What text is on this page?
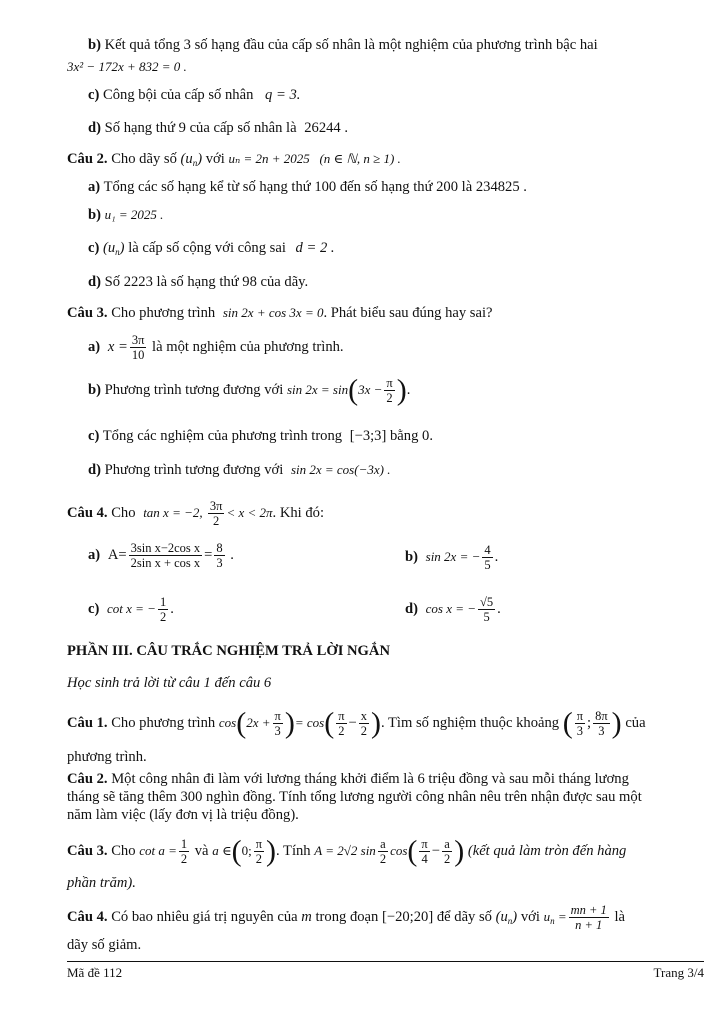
b) Kết quả tổng 3 số hạng đầu của cấp số nhân là một nghiệm của phương trình bậc hai
3x² − 172x + 832 = 0 .
c) Công bội của cấp số nhân q = 3.
d) Số hạng thứ 9 của cấp số nhân là 26244 .
Câu 2. Cho dãy số $(u_n)$ với uₙ = 2n + 2025 (n ∈ ℕ, n ≥ 1) .
a) Tổng các số hạng kể từ số hạng thứ 100 đến số hạng thứ 200 là 234825 .
b) u₁ = 2025 .
c) $(u_n)$ là cấp số cộng với công sai d = 2 .
d) Số 2223 là số hạng thứ 98 của dãy.
Câu 3. Cho phương trình sin 2x + cos 3x = 0. Phát biểu sau đúng hay sai?
a) $x = \frac{3\pi}{10}$ là một nghiệm của phương trình.
b) Phương trình tương đương với $\sin 2x = \sin(3x - \frac{\pi}{2}$ ).
c) Tổng các nghiệm của phương trình trong [−3;3] bằng 0.
d) Phương trình tương đương với sin 2x = cos(−3x) .
Câu 4. Cho tan x = −2, $\frac{3\pi}{2} < x < 2\pi$. Khi đó:
a) $A= \frac{\text{3sin x−2cos x}}{\text{2sin x + cos x}} = \frac{8}{3}$ .	b) sin 2x = − $\frac{4}{5}$ .
c) cot x = − $\frac{1}{2}$ .	d) cos x = − $\frac{√5}{5}$ .
PHẦN III. CÂU TRẮC NGHIỆM TRẢ LỜI NGẮN
Học sinh trả lời từ câu 1 đến câu 6
Câu 1. Cho phương trình $\cos(2x + \frac{\pi}{3}$ )= $\cos( \frac{\pi}{2} - \frac{x}{2}$ ). Tìm số nghiệm thuộc khoảng ( $\frac{\pi}{3}$ ; $\frac{8\pi}{3}$ ) của
phương trình.
Câu 2. Một công nhân đi làm với lương tháng khởi điểm là 6 triệu đồng và sau mỗi tháng lương
tháng sẽ tăng thêm 300 nghìn đồng. Tính tổng lương người công nhân nêu trên nhận được sau một
năm làm việc (lấy đơn vị là triệu đồng).
Câu 3. Cho $\cot a = \frac{1}{2}$ và a ∈(0; $\frac{\pi}{2}$ ). Tính A = 2√2 $\sin \frac{a}{2} \cos( \frac{\pi}{4} - \frac{a}{2}$ ) (kết quả làm tròn đến hàng
phần trăm).
Câu 4. Có bao nhiêu giá trị nguyên của m trong đoạn [−20;20] để dãy số $(u_n)$ với $u_n = \frac{mn + 1}{n + 1}$ là
dãy số giảm.
Mã đề 112	Trang 3/4
